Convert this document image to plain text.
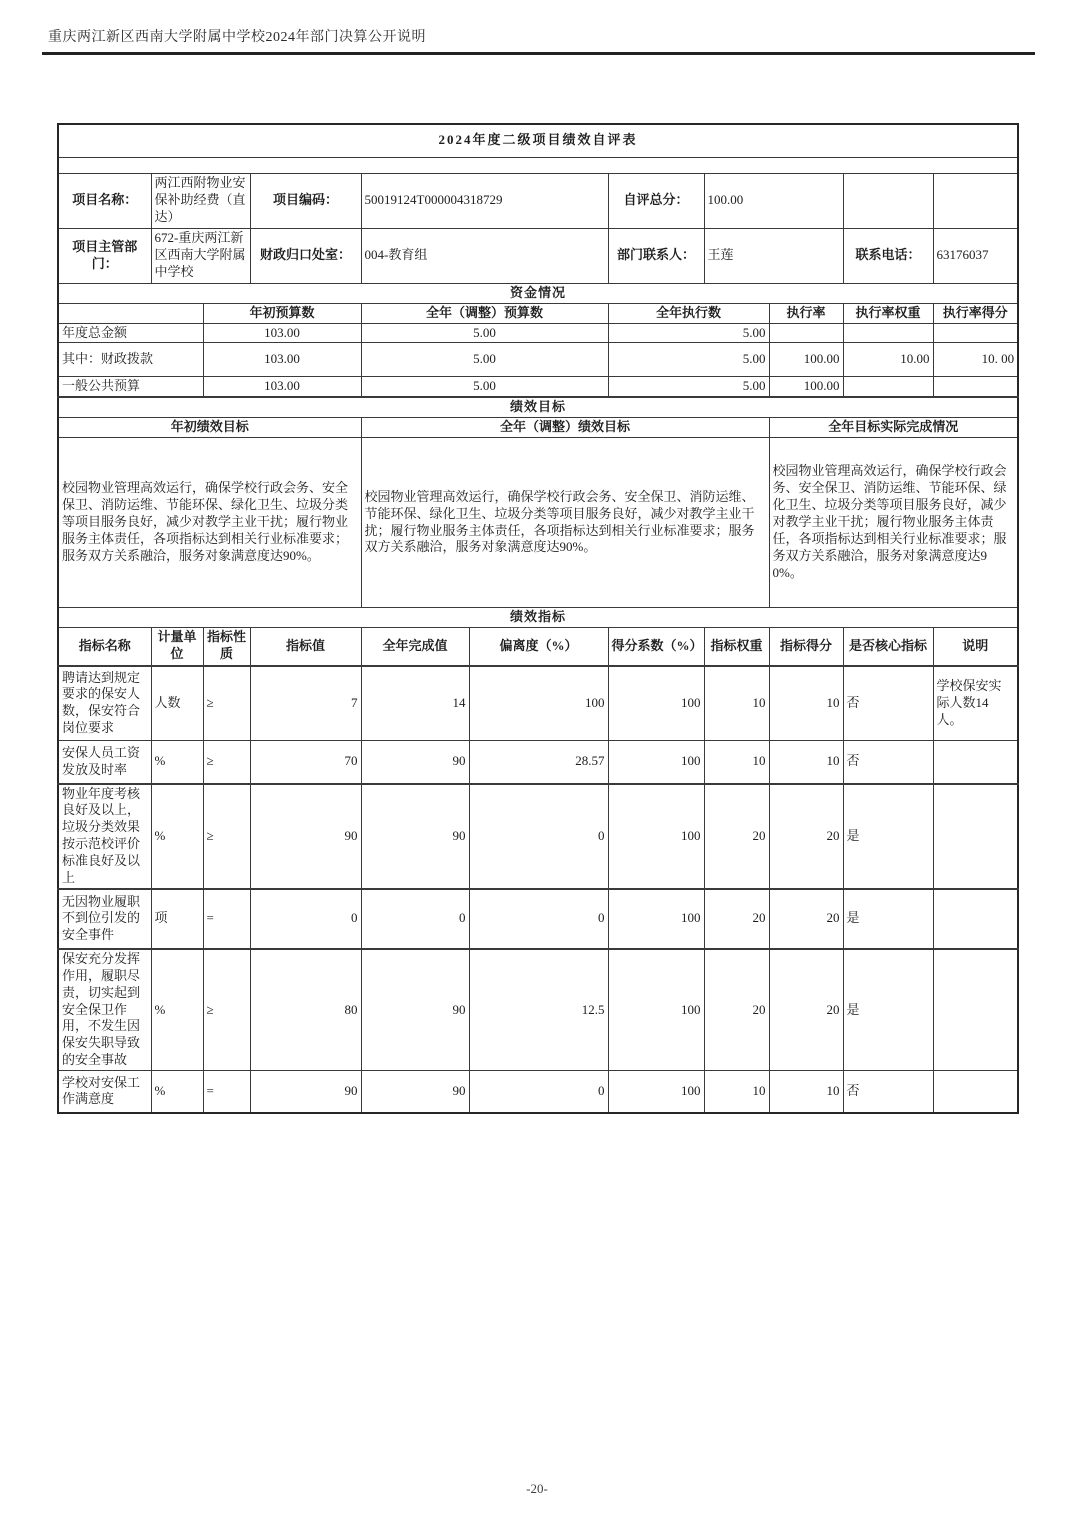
重庆两江新区西南大学附属中学校2024年部门决算公开说明
2024年度二级项目绩效自评表										

项目名称：	两江西附物业安保补助经费（直达）		项目编码：	50019124T000004318729		自评总分：	100.00			
项目主管部门：	672-重庆两江新区西南大学附属中学校		财政归口处室：	004-教育组		部门联系人：	王莲		联系电话：	63176037
资金情况										
		年初预算数		全年（调整）预算数		全年执行数		执行率	执行率权重	执行率得分
年度总金额		103.00		5.00		5.00				
其中：财政拨款		103.00		5.00		5.00		100.00	10.00	10. 00
一般公共预算		103.00		5.00		5.00		100.00		
绩效目标										
年初绩效目标				全年（调整）绩效目标				全年目标实际完成情况		
校园物业管理高效运行，确保学校行政会务、安全保卫、消防运维、节能环保、绿化卫生、垃圾分类等项目服务良好，减少对教学主业干扰；履行物业服务主体责任，各项指标达到相关行业标准要求；服务双方关系融洽，服务对象满意度达90%。				校园物业管理高效运行，确保学校行政会务、安全保卫、消防运维、节能环保、绿化卫生、垃圾分类等项目服务良好，减少对教学主业干扰；履行物业服务主体责任，各项指标达到相关行业标准要求；服务双方关系融洽，服务对象满意度达90%。				校园物业管理高效运行，确保学校行政会务、安全保卫、消防运维、节能环保、绿化卫生、垃圾分类等项目服务良好，减少对教学主业干扰；履行物业服务主体责任，各项指标达到相关行业标准要求；服务双方关系融洽，服务对象满意度达90%。		
绩效指标										
指标名称	计量单位	指标性质	指标值	全年完成值	偏离度（%）	得分系数（%）	指标权重	指标得分	是否核心指标	说明
聘请达到规定要求的保安人数，保安符合岗位要求	人数	≥	7	14	100	100	10	10	否	学校保安实际人数14人。
安保人员工资发放及时率	%	≥	70	90	28.57	100	10	10	否	
物业年度考核良好及以上，垃圾分类效果按示范校评价标准良好及以上	%	≥	90	90	0	100	20	20	是	
无因物业履职不到位引发的安全事件	项	=	0	0	0	100	20	20	是	
保安充分发挥作用，履职尽责，切实起到安全保卫作用，不发生因保安失职导致的安全事故	%	≥	80	90	12.5	100	20	20	是	
学校对安保工作满意度	%	=	90	90	0	100	10	10	否	
-20-
